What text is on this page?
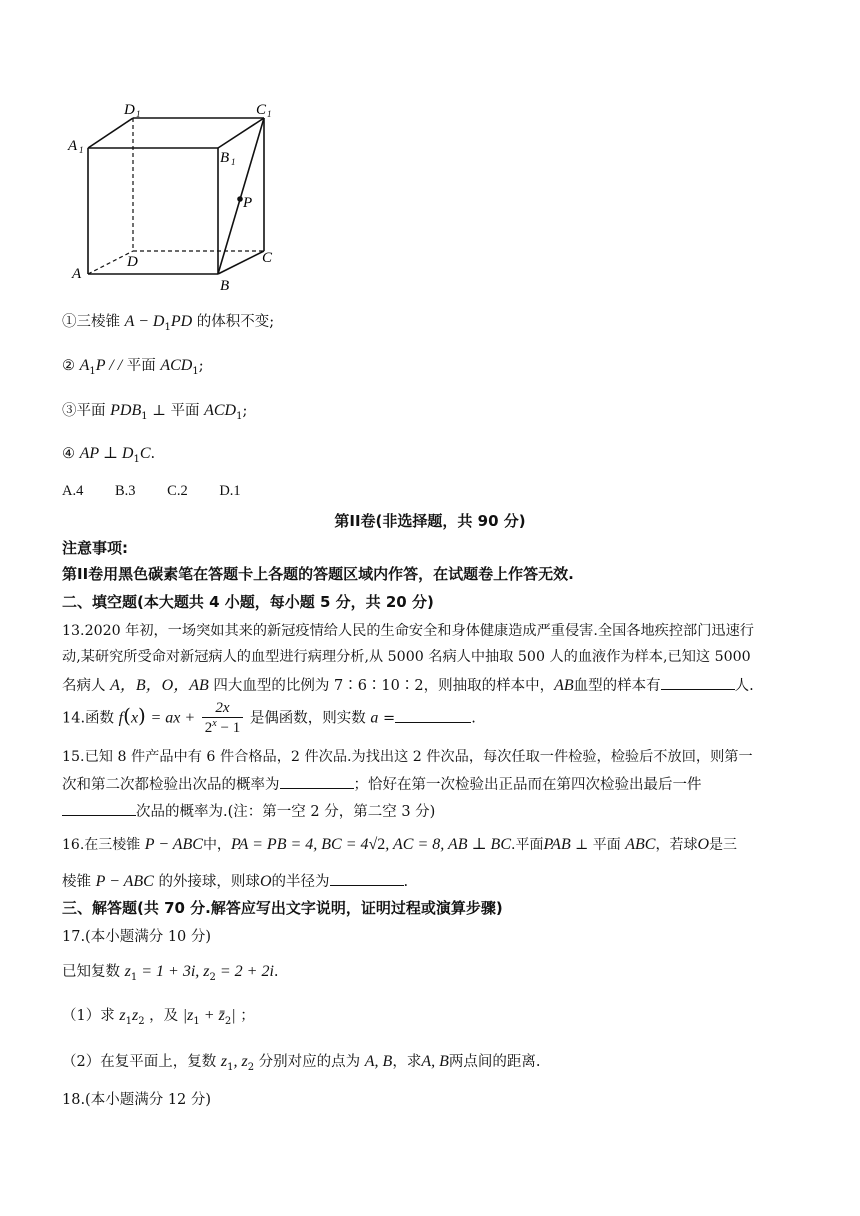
D 1	C 1
A 1	B 1
P
A
D	C
B
①三棱锥 $A - D_1PD$ 的体积不变;
② $A_1P$ / / 平面 $ACD_1$;
③平面 $PDB_1$ ⊥ 平面 $ACD_1$;
④ AP ⊥ $D_1C$.
A.4 B.3 C.2 D.1
第II卷(非选择题，共 90 分)
注意事项:
第II卷用黑色碳素笔在答题卡上各题的答题区域内作答，在试题卷上作答无效.
二、填空题(本大题共 4 小题，每小题 5 分，共 20 分)
13.2020 年初，一场突如其来的新冠疫情给人民的生命安全和身体健康造成严重侵害.全国各地疾控部门迅速行
动,某研究所受命对新冠病人的血型进行病理分析,从 5000 名病人中抽取 500 人的血液作为样本,已知这 5000
名病人 A，B，O，AB 四大血型的比例为 7∶6∶10∶2，则抽取的样本中，AB血型的样本有	人.
14.函数 f(x) = ax + $\frac{2x}{2^x - 1}$ 是偶函数，则实数 a =	.
15.已知 8 件产品中有 6 件合格品，2 件次品.为找出这 2 件次品，每次任取一件检验，检验后不放回，则第一
次和第二次都检验出次品的概率为	；恰好在第一次检验出正品而在第四次检验出最后一件
次品的概率为.(注：第一空 2 分，第二空 3 分)
16.在三棱锥 P − ABC中，PA = PB = 4, BC = 4√2, AC = 8, AB ⊥ BC.平面PAB ⊥ 平面 ABC，若球O是三
棱锥 P − ABC 的外接球，则球O的半径为	.
三、解答题(共 70 分.解答应写出文字说明，证明过程或演算步骤)
17.(本小题满分 10 分)
已知复数 $z_1 = 1 + 3i$, $z_2 = 2 + 2i$.
（1）求 $z_1z_2$ ，及 $|z_1$ + $z̄_2|$ ；
（2）在复平面上，复数 $z_1$, $z_2$ 分别对应的点为 A, B，求A, B两点间的距离.
18.(本小题满分 12 分)
